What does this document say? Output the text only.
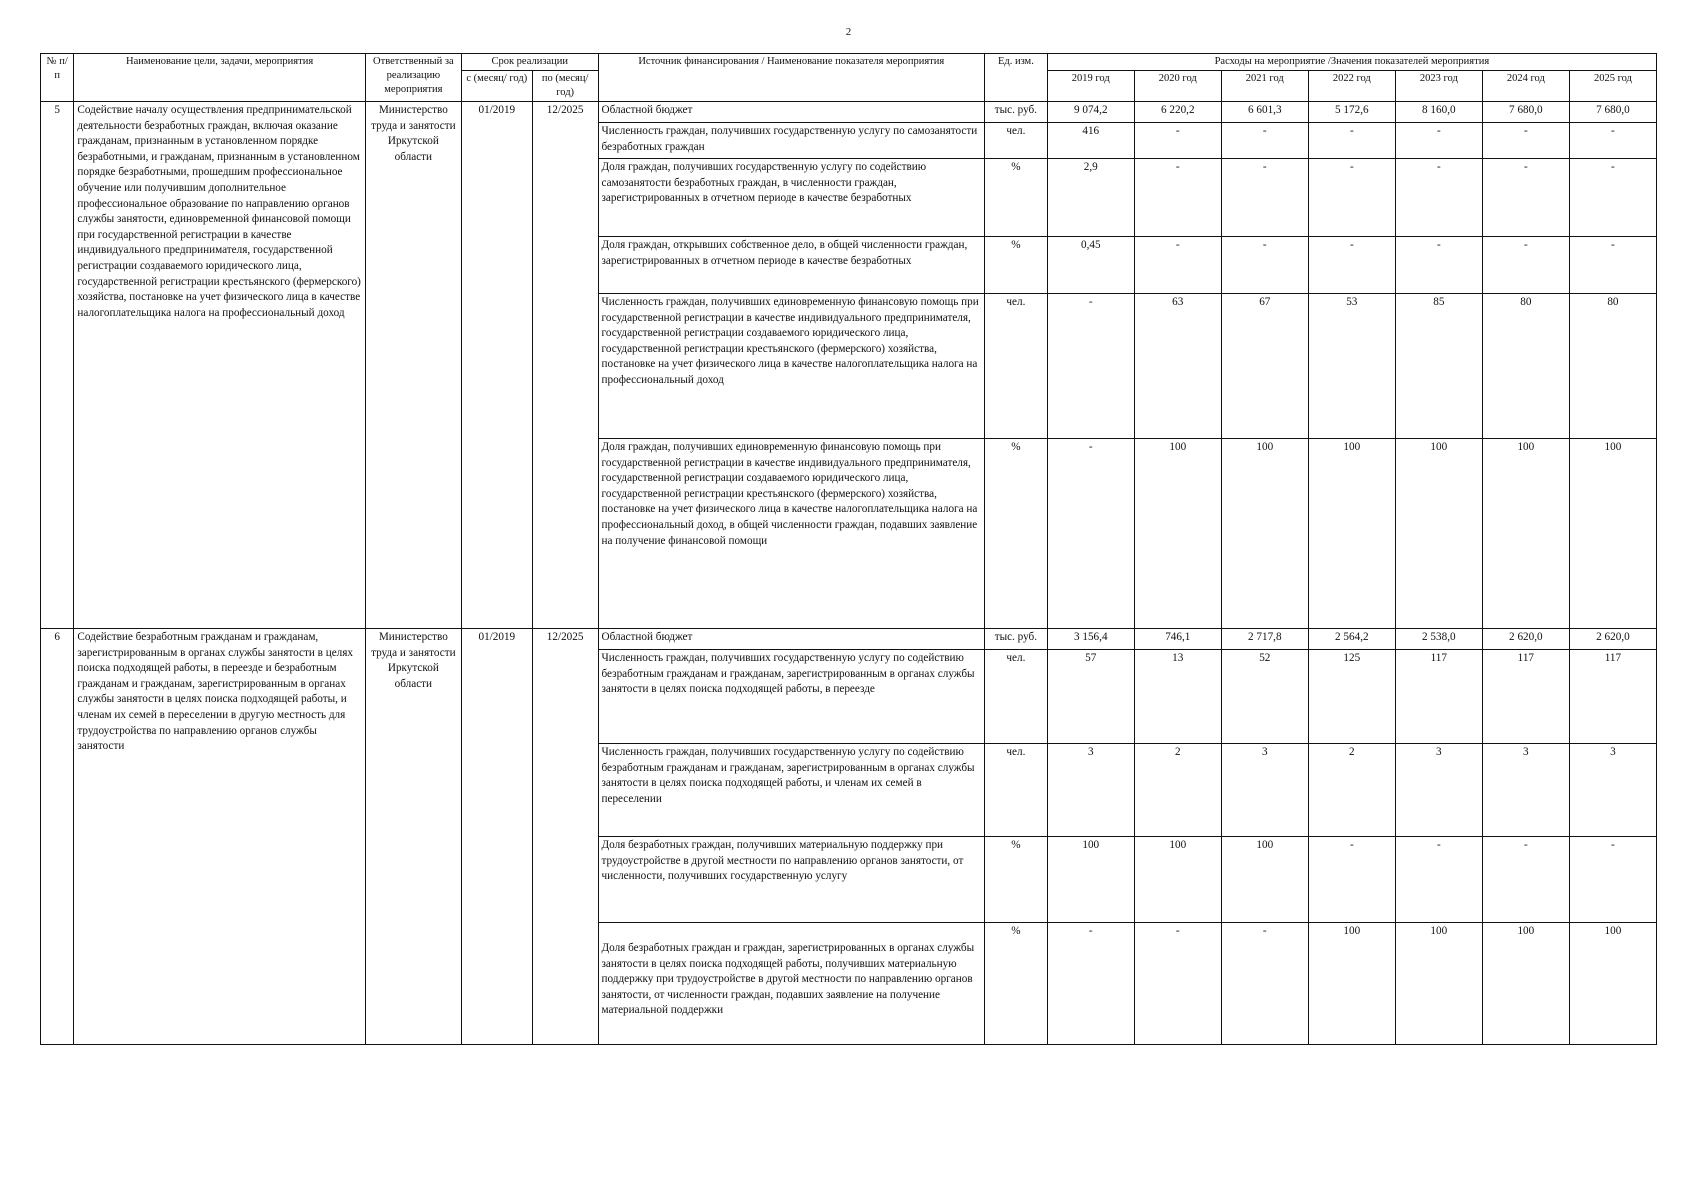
2
№ п/п	Наименование цели, задачи, мероприятия	Ответственный за реализацию мероприятия	Срок реализации		Источник финансирования / Наименование показателя мероприятия	Ед. изм.	Расходы на мероприятие /Значения показателей мероприятия						
			с (месяц/ год)	по (месяц/ год)			2019 год	2020 год	2021 год	2022 год	2023 год	2024 год	2025 год

5	Содействие началу осуществления предпринимательской деятельности безработных граждан, включая оказание гражданам, признанным в установленном порядке безработными, и гражданам, признанным в установленном порядке безработными, прошедшим профессиональное обучение или получившим дополнительное профессиональное образование по направлению органов службы занятости, единовременной финансовой помощи при государственной регистрации в качестве индивидуального предпринимателя, государственной регистрации создаваемого юридического лица, государственной регистрации крестьянского (фермерского) хозяйства, постановке на учет физического лица в качестве налогоплательщика налога на профессиональный доход	Министерство труда и занятости Иркутской области	01/2019	12/2025	Областной бюджет	тыс. руб.	9 074,2	6 220,2	6 601,3	5 172,6	8 160,0	7 680,0	7 680,0
					Численность граждан, получивших государственную услугу по самозанятости безработных граждан	чел.	416	-	-	-	-	-	-
					Доля граждан, получивших государственную услугу по содействию самозанятости безработных граждан, в численности граждан, зарегистрированных в отчетном периоде в качестве безработных	%	2,9	-	-	-	-	-	-
					Доля граждан, открывших собственное дело, в общей численности граждан, зарегистрированных в отчетном периоде в качестве безработных	%	0,45	-	-	-	-	-	-
					Численность граждан, получивших единовременную финансовую помощь при государственной регистрации в качестве индивидуального предпринимателя, государственной регистрации создаваемого юридического лица, государственной регистрации крестьянского (фермерского) хозяйства, постановке на учет физического лица в качестве налогоплательщика налога на профессиональный доход	чел.	-	63	67	53	85	80	80
					Доля граждан, получивших единовременную финансовую помощь при государственной регистрации в качестве индивидуального предпринимателя, государственной регистрации создаваемого юридического лица, государственной регистрации крестьянского (фермерского) хозяйства, постановке на учет физического лица в качестве налогоплательщика налога на профессиональный доход, в общей численности граждан, подавших заявление на получение финансовой помощи	%	-	100	100	100	100	100	100
6	Содействие безработным гражданам и гражданам, зарегистрированным в органах службы занятости в целях поиска подходящей работы, в переезде и безработным гражданам и гражданам, зарегистрированным в органах службы занятости в целях поиска подходящей работы, и членам их семей в переселении в другую местность для трудоустройства по направлению органов службы занятости	Министерство труда и занятости Иркутской области	01/2019	12/2025	Областной бюджет	тыс. руб.	3 156,4	746,1	2 717,8	2 564,2	2 538,0	2 620,0	2 620,0
					Численность граждан, получивших государственную услугу по содействию безработным гражданам и гражданам, зарегистрированным в органах службы занятости в целях поиска подходящей работы, в переезде	чел.	57	13	52	125	117	117	117
					Численность граждан, получивших государственную услугу по содействию безработным гражданам и гражданам, зарегистрированным в органах службы занятости в целях поиска подходящей работы, и членам их семей в переселении	чел.	3	2	3	2	3	3	3
					Доля безработных граждан, получивших материальную поддержку при трудоустройстве в другой местности по направлению органов занятости, от численности, получивших государственную услугу	%	100	100	100	-	-	-	-
					Доля безработных граждан и граждан, зарегистрированных в органах службы занятости в целях поиска подходящей работы, получивших материальную поддержку при трудоустройстве в другой местности по направлению органов занятости, от численности граждан, подавших заявление на получение материальной поддержки	%	-	-	-	100	100	100	100
